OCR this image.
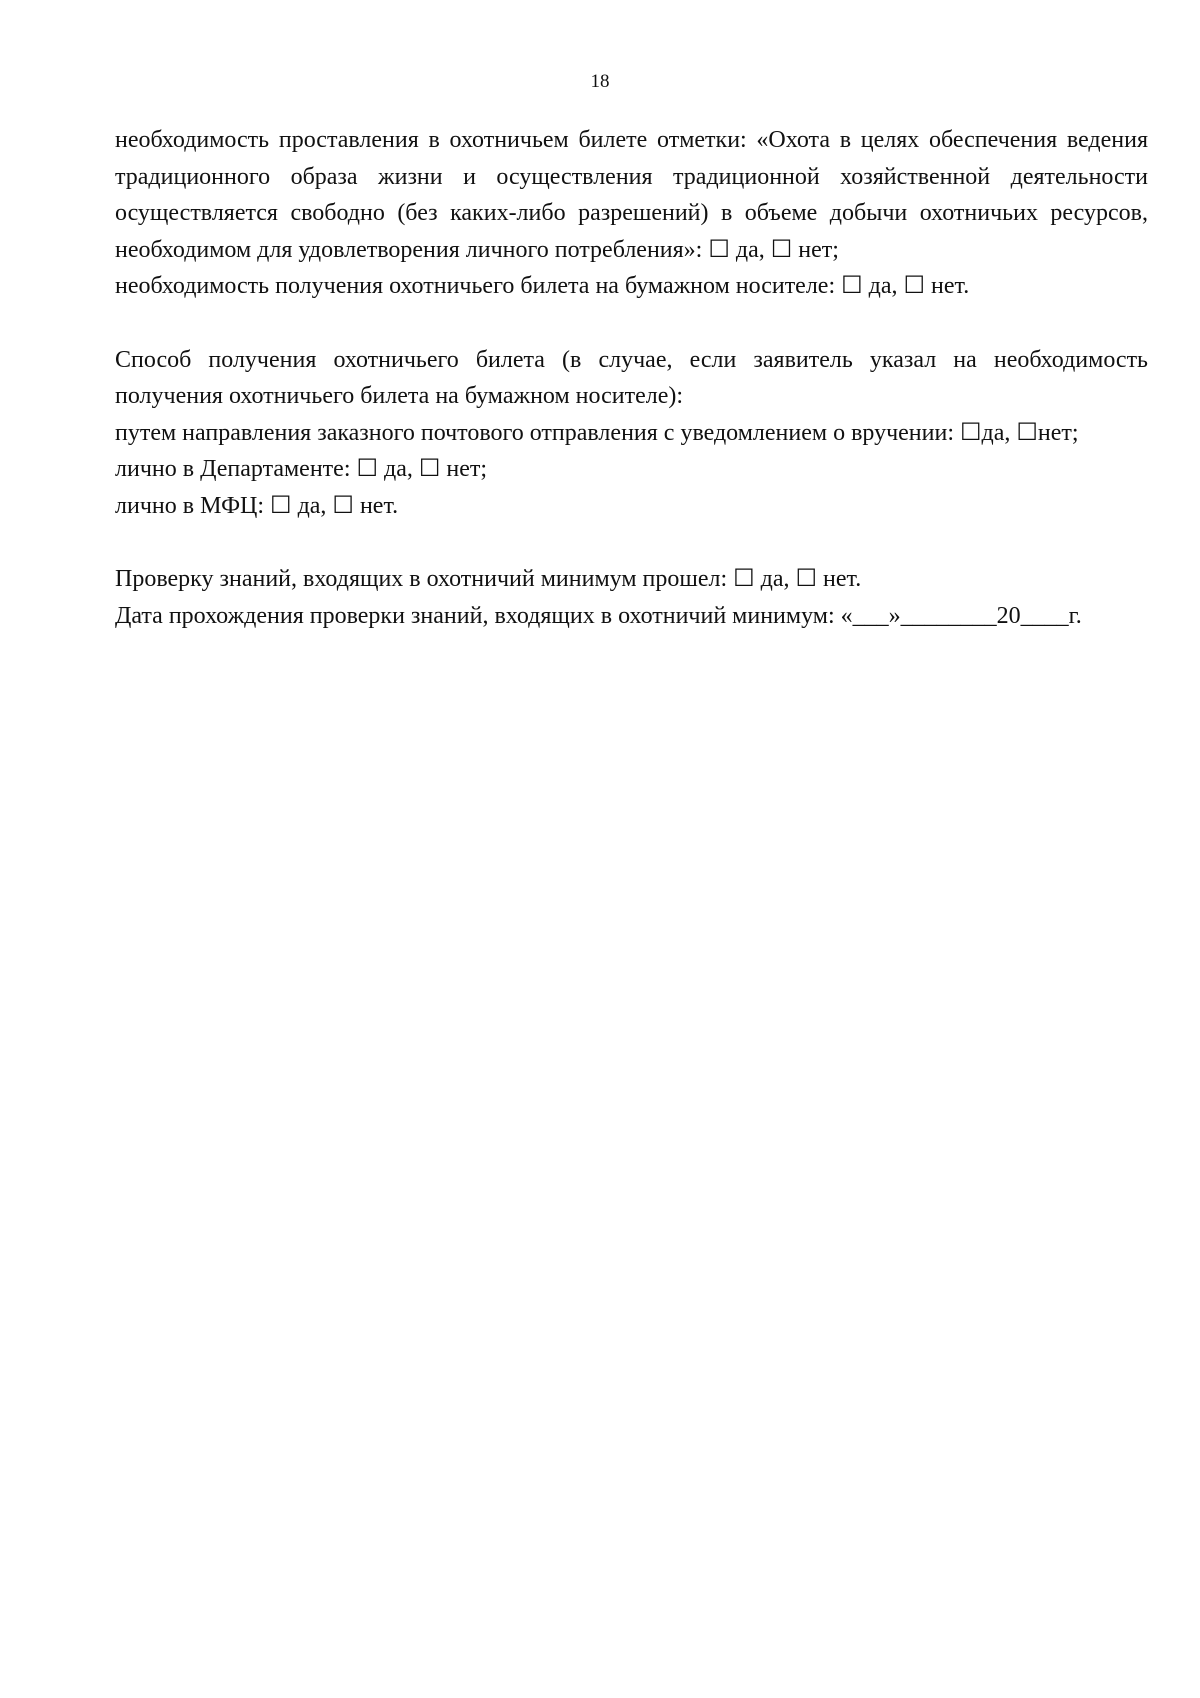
18

необходимость проставления в охотничьем билете отметки: «Охота в целях обеспечения ведения традиционного образа жизни и осуществления традиционной хозяйственной деятельности осуществляется свободно (без каких-либо разрешений) в объеме добычи охотничьих ресурсов, необходимом для удовлетворения личного потребления»: ☐ да, ☐ нет;

необходимость получения охотничьего билета на бумажном носителе: ☐ да, ☐ нет.

Способ получения охотничьего билета (в случае, если заявитель указал на необходимость получения охотничьего билета на бумажном носителе):

путем направления заказного почтового отправления с уведомлением о вручении: ☐да, ☐нет;

лично в Департаменте: ☐ да, ☐ нет;

лично в МФЦ: ☐ да, ☐ нет.

Проверку знаний, входящих в охотничий минимум прошел: ☐ да, ☐ нет.

Дата прохождения проверки знаний, входящих в охотничий минимум: «___»________20____г.
